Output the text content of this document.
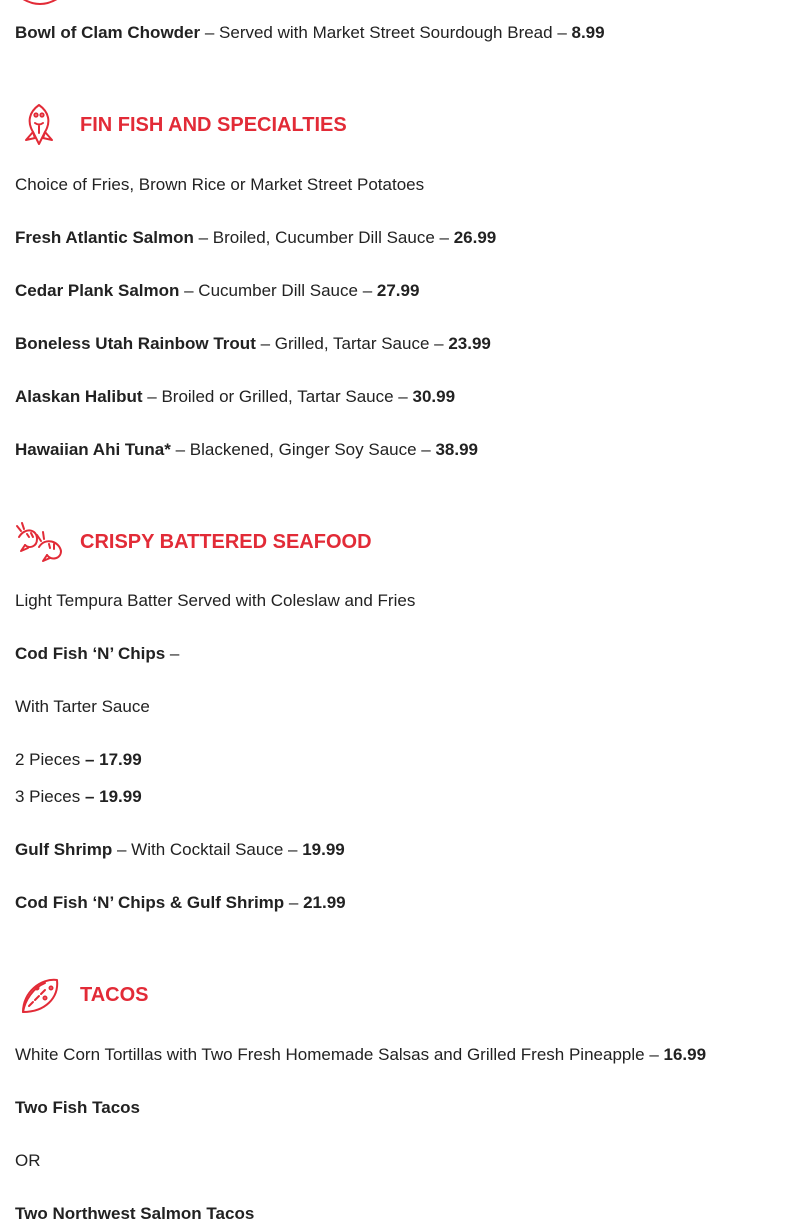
Bowl of Clam Chowder – Served with Market Street Sourdough Bread – 8.99
FIN FISH AND SPECIALTIES
Choice of Fries, Brown Rice or Market Street Potatoes
Fresh Atlantic Salmon – Broiled, Cucumber Dill Sauce – 26.99
Cedar Plank Salmon – Cucumber Dill Sauce – 27.99
Boneless Utah Rainbow Trout – Grilled, Tartar Sauce – 23.99
Alaskan Halibut – Broiled or Grilled, Tartar Sauce – 30.99
Hawaiian Ahi Tuna* – Blackened, Ginger Soy Sauce – 38.99
CRISPY BATTERED SEAFOOD
Light Tempura Batter Served with Coleslaw and Fries
Cod Fish ‘N’ Chips –
With Tarter Sauce
2 Pieces – 17.99
3 Pieces – 19.99
Gulf Shrimp – With Cocktail Sauce – 19.99
Cod Fish ‘N’ Chips & Gulf Shrimp – 21.99
TACOS
White Corn Tortillas with Two Fresh Homemade Salsas and Grilled Fresh Pineapple – 16.99
Two Fish Tacos
OR
Two Northwest Salmon Tacos
